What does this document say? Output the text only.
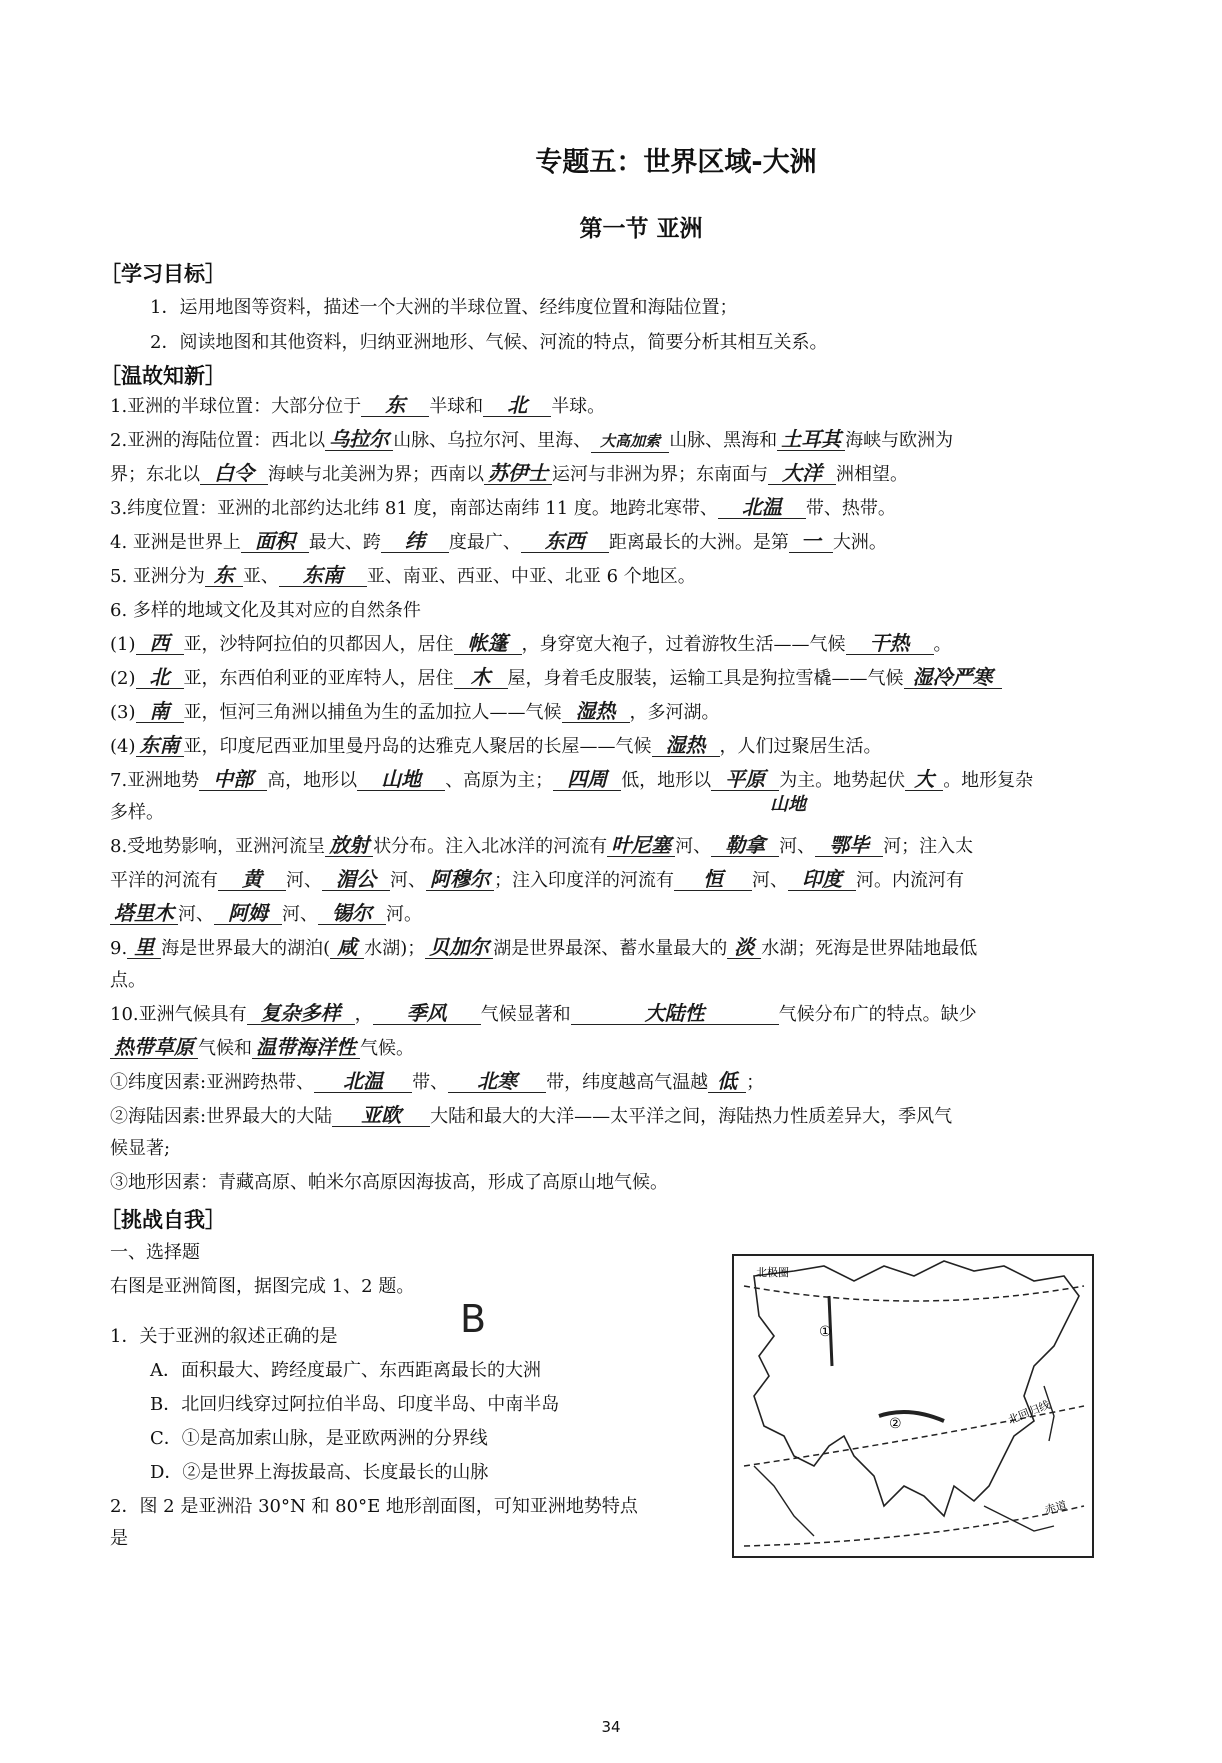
专题五：世界区域-大洲
第一节 亚洲
［学习目标］
1．运用地图等资料，描述一个大洲的半球位置、经纬度位置和海陆位置；
2．阅读地图和其他资料，归纳亚洲地形、气候、河流的特点，简要分析其相互关系。
［温故知新］
1.亚洲的半球位置：大部分位于 东 半球和 北 半球。
2.亚洲的海陆位置：西北以 乌拉尔 山脉、乌拉尔河、里海、 大高加索 山脉、黑海和 土耳其 海峡与欧洲为
界；东北以 白令 海峡与北美洲为界；西南以 苏伊士 运河与非洲为界；东南面与 大洋 洲相望。
3.纬度位置：亚洲的北部约达北纬 81 度，南部达南纬 11 度。地跨北寒带、 北温 带、热带。
4. 亚洲是世界上 面积 最大、跨 纬 度最广、 东西 距离最长的大洲。是第 一 大洲。
5. 亚洲分为 东 亚、 东南 亚、南亚、西亚、中亚、北亚 6 个地区。
6. 多样的地域文化及其对应的自然条件
(1) 西 亚，沙特阿拉伯的贝都因人，居住 帐篷 ，身穿宽大袍子，过着游牧生活——气候 干热 。
(2) 北 亚，东西伯利亚的亚库特人，居住 木 屋，身着毛皮服装，运输工具是狗拉雪橇——气候 湿冷严寒
(3) 南 亚，恒河三角洲以捕鱼为生的孟加拉人——气候 湿热 ，多河湖。
(4) 东南 亚，印度尼西亚加里曼丹岛的达雅克人聚居的长屋——气候 湿热 ，人们过聚居生活。
7.亚洲地势 中部 高，地形以 山地 、高原为主； 四周 低，地形以 平原 为主。地势起伏 大 。地形复杂
多样。	山地
8.受地势影响，亚洲河流呈 放射 状分布。注入北冰洋的河流有 叶尼塞 河、 勒拿 河、 鄂毕 河；注入太
平洋的河流有 黄 河、 湄公 河、 阿穆尔 ；注入印度洋的河流有 恒 河、 印度 河。内流河有
塔里木 河、 阿姆 河、 锡尔 河。
9. 里 海是世界最大的湖泊( 咸 水湖)； 贝加尔 湖是世界最深、蓄水量最大的 淡 水湖；死海是世界陆地最低
点。
10.亚洲气候具有 复杂多样 ， 季风 气候显著和	大陆性	气候分布广的特点。缺少
热带草原 气候和 温带海洋性 气候。
①纬度因素:亚洲跨热带、 北温 带、 北寒 带，纬度越高气温越 低 ；
②海陆因素:世界最大的大陆 亚欧 大陆和最大的大洋——太平洋之间，海陆热力性质差异大，季风气
候显著;
③地形因素：青藏高原、帕米尔高原因海拔高，形成了高原山地气候。
［挑战自我］
一、选择题
右图是亚洲简图，据图完成 1、2 题。
1．关于亚洲的叙述正确的是	B
A．面积最大、跨经度最广、东西距离最长的大洲
B．北回归线穿过阿拉伯半岛、印度半岛、中南半岛
C．①是高加索山脉，是亚欧两洲的分界线
D．②是世界上海拔最高、长度最长的山脉
2．图 2 是亚洲沿 30°N 和 80°E 地形剖面图，可知亚洲地势特点
是
①
②
北极圈
北回归线
赤道
34
